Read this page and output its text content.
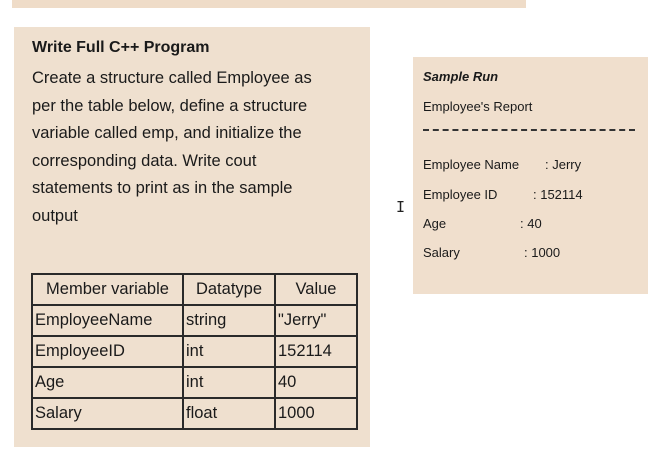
Write Full C++ Program
Create a structure called Employee as
per the table below, define a structure
variable called emp, and initialize the
corresponding data. Write cout
statements to print as in the sample
output
Member variable	Datatype	Value
EmployeeName	string	"Jerry"
EmployeeID	int	152114
Age	int	40
Salary	float	1000
I
Sample Run
Employee's Report
Employee Name : Jerry
Employee ID	: 152114
Age	: 40
Salary	: 1000
